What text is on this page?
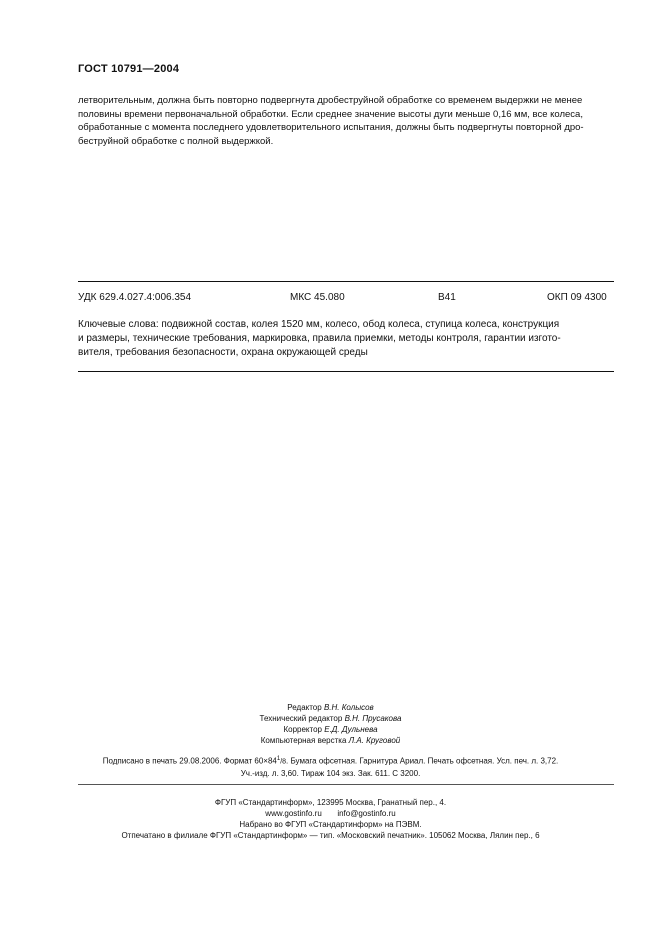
ГОСТ 10791—2004
летворительным, должна быть повторно подвергнута дробеструйной обработке со временем выдержки не менее
половины времени первоначальной обработки. Если среднее значение высоты дуги меньше 0,16 мм, все колеса,
обработанные с момента последнего удовлетворительного испытания, должны быть подвергнуты повторной дро-
беструйной обработке с полной выдержкой.
УДК 629.4.027.4:006.354	МКС 45.080	В41	ОКП 09 4300
Ключевые слова: подвижной состав, колея 1520 мм, колесо, обод колеса, ступица колеса, конструкция
и размеры, технические требования, маркировка, правила приемки, методы контроля, гарантии изгото-
вителя, требования безопасности, охрана окружающей среды
Редактор В.Н. Колысов
Технический редактор В.Н. Прусакова
Корректор Е.Д. Дульнева
Компьютерная верстка Л.А. Круговой
Подписано в печать 29.08.2006. Формат $60\times 84^1/8$. Бумага офсетная. Гарнитура Ариал. Печать офсетная. Усл. печ. л. 3,72.
Уч.-изд. л. 3,60. Тираж 104 экз. Зак. 611. С 3200.
ФГУП «Стандартинформ», 123995 Москва, Гранатный пер., 4.
www.gostinfo.ru info@gostinfo.ru
Набрано во ФГУП «Стандартинформ» на ПЭВМ.
Отпечатано в филиале ФГУП «Стандартинформ» — тип. «Московский печатник». 105062 Москва, Лялин пер., 6
